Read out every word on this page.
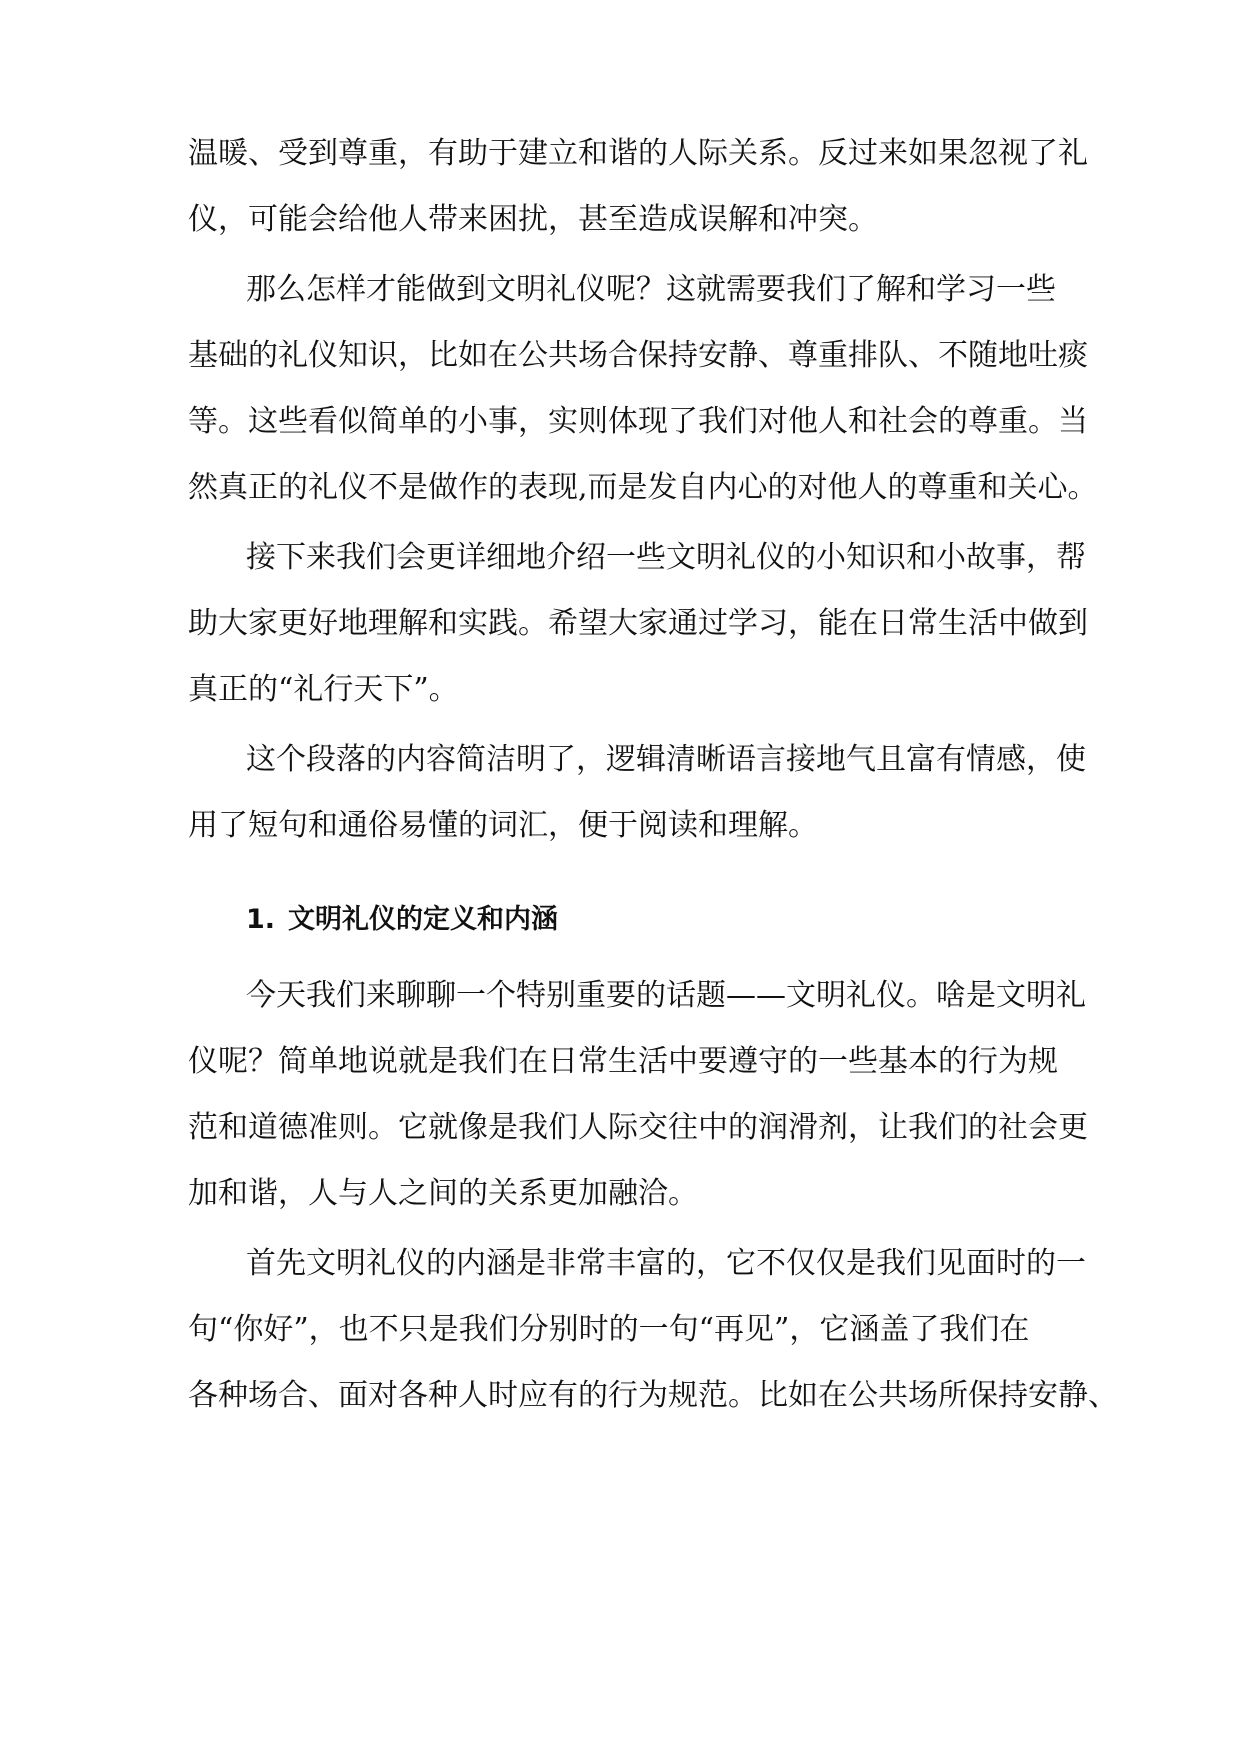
温暖、受到尊重，有助于建立和谐的人际关系。反过来如果忽视了礼
仪，可能会给他人带来困扰，甚至造成误解和冲突。
那么怎样才能做到文明礼仪呢？这就需要我们了解和学习一些
基础的礼仪知识，比如在公共场合保持安静、尊重排队、不随地吐痰
等。这些看似简单的小事，实则体现了我们对他人和社会的尊重。当
然真正的礼仪不是做作的表现,而是发自内心的对他人的尊重和关心。
接下来我们会更详细地介绍一些文明礼仪的小知识和小故事，帮
助大家更好地理解和实践。希望大家通过学习，能在日常生活中做到
真正的“礼行天下”。
这个段落的内容简洁明了，逻辑清晰语言接地气且富有情感，使
用了短句和通俗易懂的词汇，便于阅读和理解。
1. 文明礼仪的定义和内涵
今天我们来聊聊一个特别重要的话题——文明礼仪。啥是文明礼
仪呢？简单地说就是我们在日常生活中要遵守的一些基本的行为规
范和道德准则。它就像是我们人际交往中的润滑剂，让我们的社会更
加和谐，人与人之间的关系更加融洽。
首先文明礼仪的内涵是非常丰富的，它不仅仅是我们见面时的一
句“你好”，也不只是我们分别时的一句“再见”，它涵盖了我们在
各种场合、面对各种人时应有的行为规范。比如在公共场所保持安静、
